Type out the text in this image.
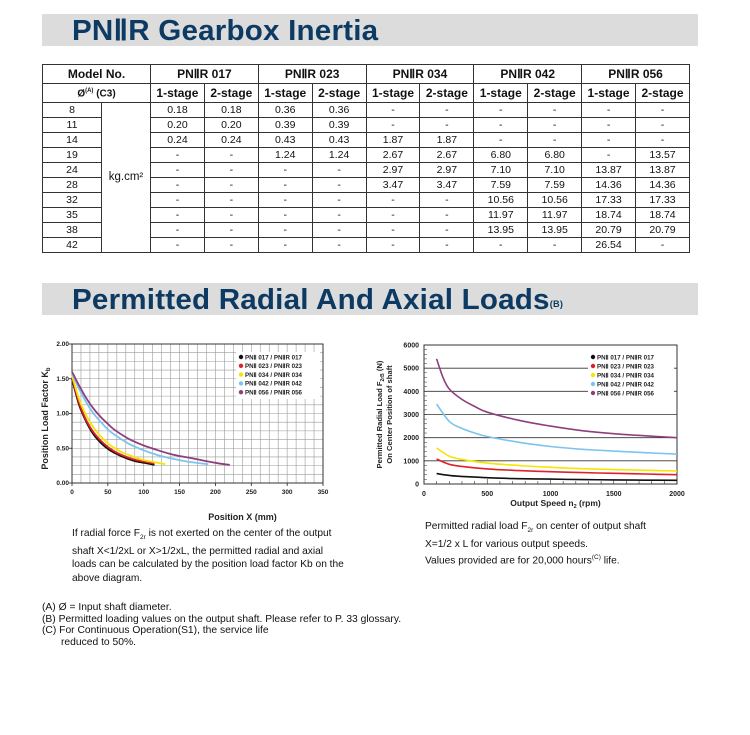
PNⅡR Gearbox Inertia
Model No.		PNⅡR 017		PNⅡR 023		PNⅡR 034		PNⅡR 042		PNⅡR 056	
$Ø^{(A)}$ (C3)		1-stage	2-stage	1-stage	2-stage	1-stage	2-stage	1-stage	2-stage	1-stage	2-stage
8	kg.cm²	0.18	0.18	0.36	0.36	-	-	-	-	-	-
11		0.20	0.20	0.39	0.39	-	-	-	-	-	-
14		0.24	0.24	0.43	0.43	1.87	1.87	-	-	-	-
19		-	-	1.24	1.24	2.67	2.67	6.80	6.80	-	13.57
24		-	-	-	-	2.97	2.97	7.10	7.10	13.87	13.87
28		-	-	-	-	3.47	3.47	7.59	7.59	14.36	14.36
32		-	-	-	-	-	-	10.56	10.56	17.33	17.33
35		-	-	-	-	-	-	11.97	11.97	18.74	18.74
38		-	-	-	-	-	-	13.95	13.95	20.79	20.79
42		-	-	-	-	-	-	-	-	26.54	-
Permitted Radial And Axial Loads$^{(B)}$
0	50	100	150	200	250	300	350
0.00
0.50
1.00
1.50
2.00
Position X (mm)
Position Load Factor $K_b$
PNⅡ 017 / PNⅡR 017
PNⅡ 023 / PNⅡR 023
PNⅡ 034 / PNⅡR 034
PNⅡ 042 / PNⅡR 042
PNⅡ 056 / PNⅡR 056
0	500	1000	1500	2000
0
1000
2000
3000
4000
5000
6000
Output Speed $n_2$ (rpm)
Permitted Radial Load $F_{2rB}$ (N) On Center Position of shaft
PNⅡ 017 / PNⅡR 017
PNⅡ 023 / PNⅡR 023
PNⅡ 034 / PNⅡR 034
PNⅡ 042 / PNⅡR 042
PNⅡ 056 / PNⅡR 056
If radial force $F_{2r}$ is not exerted on the center of the output
shaft X<1/2xL or X>1/2xL, the permitted radial and axial
loads can be calculated by the position load factor Kb on the
above diagram.
Permitted radial load $F_{2r}$ on center of output shaft
X=1/2 x L for various output speeds.
Values provided are for 20,000 hours$^{(C)}$ life.
(A) Ø = Input shaft diameter.
(B) Permitted loading values on the output shaft. Please refer to P. 33 glossary.
(C) For Continuous Operation(S1), the service life
reduced to 50%.
